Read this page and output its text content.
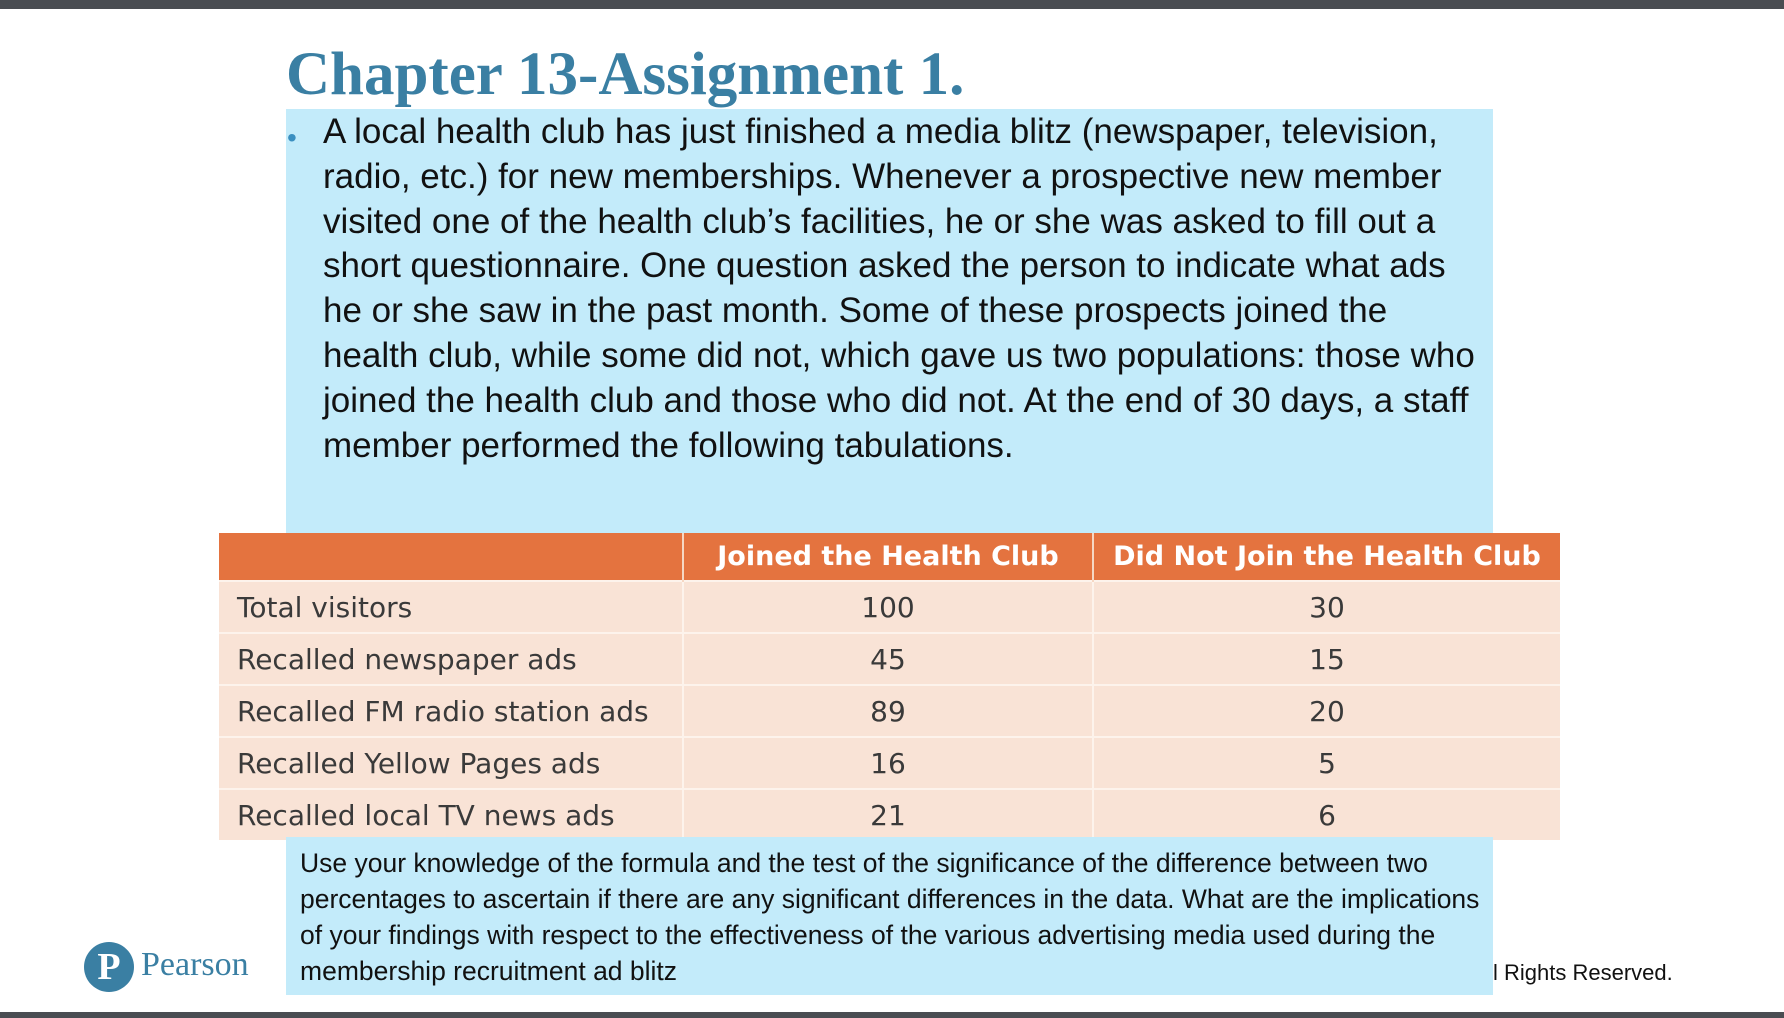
Chapter 13-Assignment 1.
• A local health club has just finished a media blitz (newspaper, television, radio, etc.) for new memberships. Whenever a prospective new member visited one of the health club’s facilities, he or she was asked to fill out a short questionnaire. One question asked the person to indicate what ads he or she saw in the past month. Some of these prospects joined the health club, while some did not, which gave us two populations: those who joined the health club and those who did not. At the end of 30 days, a staff member performed the following tabulations.

	Joined the Health Club	Did Not Join the Health Club
Total visitors	100	30
Recalled newspaper ads	45	15
Recalled FM radio station ads	89	20
Recalled Yellow Pages ads	16	5
Recalled local TV news ads	21	6

Use your knowledge of the formula and the test of the significance of the difference between two percentages to ascertain if there are any significant differences in the data. What are the implications of your findings with respect to the effectiveness of the various advertising media used during the membership recruitment ad blitz

P Pearson	l Rights Reserved.
